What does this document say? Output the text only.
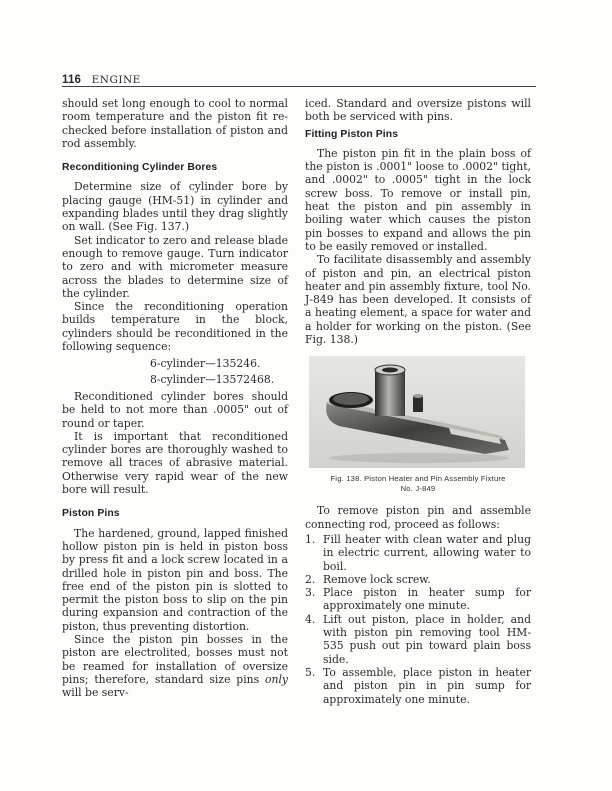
116 ENGINE

should set long enough to cool to normal room temperature and the piston fit re-checked before installation of piston and rod assembly.

Reconditioning Cylinder Bores

Determine size of cylinder bore by placing gauge (HM-51) in cylinder and expanding blades until they drag slightly on wall. (See Fig. 137.)

Set indicator to zero and release blade enough to remove gauge. Turn indicator to zero and with micrometer measure across the blades to determine size of the cylinder.

Since the reconditioning operation builds temperature in the block, cylinders should be reconditioned in the following sequence:

6-cylinder—135246.
8-cylinder—13572468.

Reconditioned cylinder bores should be held to not more than .0005" out of round or taper.

It is important that reconditioned cylinder bores are thoroughly washed to remove all traces of abrasive material. Otherwise very rapid wear of the new bore will result.

Piston Pins

The hardened, ground, lapped finished hollow piston pin is held in piston boss by press fit and a lock screw located in a drilled hole in piston pin and boss. The free end of the piston pin is slotted to permit the piston boss to slip on the pin during expansion and contraction of the piston, thus preventing distortion.

Since the piston pin bosses in the piston are electrolited, bosses must not be reamed for installation of oversize pins; therefore, standard size pins only will be serv-

iced. Standard and oversize pistons will both be serviced with pins.

Fitting Piston Pins

The piston pin fit in the plain boss of the piston is .0001" loose to .0002" tight, and .0002" to .0005" tight in the lock screw boss. To remove or install pin, heat the piston and pin assembly in boiling water which causes the piston pin bosses to expand and allows the pin to be easily removed or installed.

To facilitate disassembly and assembly of piston and pin, an electrical piston heater and pin assembly fixture, tool No. J-849 has been developed. It consists of a heating element, a space for water and a holder for working on the piston. (See Fig. 138.)

Fig. 138. Piston Heater and Pin Assembly Fixture
No. J-849

To remove piston pin and assemble connecting rod, proceed as follows:

1. Fill heater with clean water and plug in electric current, allowing water to boil.
2. Remove lock screw.
3. Place piston in heater sump for approximately one minute.
4. Lift out piston, place in holder, and with piston pin removing tool HM-535 push out pin toward plain boss side.
5. To assemble, place piston in heater and piston pin in pin sump for approximately one minute.
